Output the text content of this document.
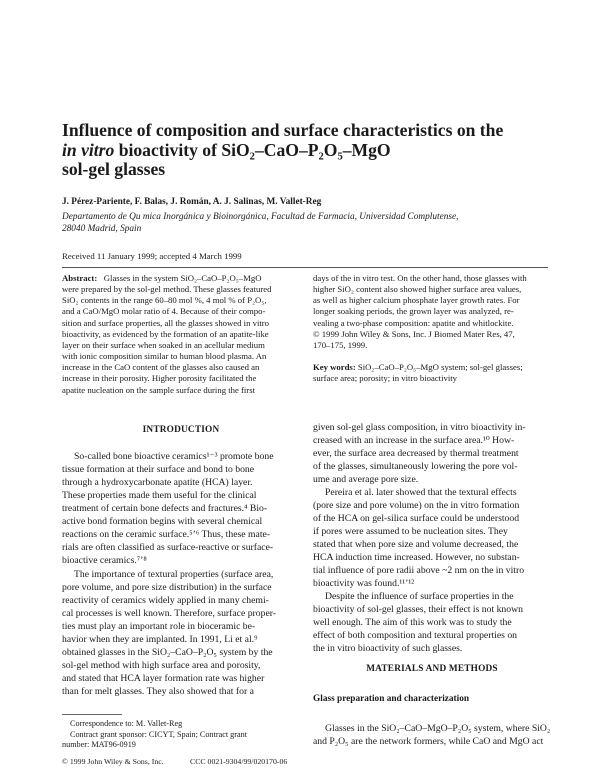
Influence of composition and surface characteristics on the
in vitro bioactivity of SiO₂–CaO–P₂O₅–MgO
sol-gel glasses
J. Pérez-Pariente, F. Balas, J. Román, A. J. Salinas, M. Vallet-Reg
Departamento de Qu mica Inorgánica y Bioinorgánica, Facultad de Farmacia, Universidad Complutense,
28040 Madrid, Spain
Received 11 January 1999; accepted 4 March 1999
Abstract: Glasses in the system SiO₂–CaO–P₂O₅–MgO
were prepared by the sol-gel method. These glasses featured
SiO₂ contents in the range 60–80 mol %, 4 mol % of P₂O₅,
and a CaO/MgO molar ratio of 4. Because of their compo-
sition and surface properties, all the glasses showed in vitro
bioactivity, as evidenced by the formation of an apatite-like
layer on their surface when soaked in an acellular medium
with ionic composition similar to human blood plasma. An
increase in the CaO content of the glasses also caused an
increase in their porosity. Higher porosity facilitated the
apatite nucleation on the sample surface during the first
days of the in vitro test. On the other hand, those glasses with
higher SiO₂ content also showed higher surface area values,
as well as higher calcium phosphate layer growth rates. For
longer soaking periods, the grown layer was analyzed, re-
vealing a two-phase composition: apatite and whitlockite.
© 1999 John Wiley & Sons, Inc. J Biomed Mater Res, 47,
170–175, 1999.
Key words: SiO₂–CaO–P₂O₅–MgO system; sol-gel glasses;
surface area; porosity; in vitro bioactivity
INTRODUCTION
So-called bone bioactive ceramics¹⁻³ promote bone
tissue formation at their surface and bond to bone
through a hydroxycarbonate apatite (HCA) layer.
These properties made them useful for the clinical
treatment of certain bone defects and fractures.⁴ Bio-
active bond formation begins with several chemical
reactions on the ceramic surface.⁵ʼ⁶ Thus, these mate-
rials are often classified as surface-reactive or surface-
bioactive ceramics.⁷ʼ⁸
The importance of textural properties (surface area,
pore volume, and pore size distribution) in the surface
reactivity of ceramics widely applied in many chemi-
cal processes is well known. Therefore, surface proper-
ties must play an important role in bioceramic be-
havior when they are implanted. In 1991, Li et al.⁹
obtained glasses in the SiO₂–CaO–P₂O₅ system by the
sol-gel method with high surface area and porosity,
and stated that HCA layer formation rate was higher
than for melt glasses. They also showed that for a
given sol-gel glass composition, in vitro bioactivity in-
creased with an increase in the surface area.¹⁰ How-
ever, the surface area decreased by thermal treatment
of the glasses, simultaneously lowering the pore vol-
ume and average pore size.
Pereira et al. later showed that the textural effects
(pore size and pore volume) on the in vitro formation
of the HCA on gel-silica surface could be understood
if pores were assumed to be nucleation sites. They
stated that when pore size and volume decreased, the
HCA induction time increased. However, no substan-
tial influence of pore radii above ~2 nm on the in vitro
bioactivity was found.¹¹ʼ¹²
Despite the influence of surface properties in the
bioactivity of sol-gel glasses, their effect is not known
well enough. The aim of this work was to study the
effect of both composition and textural properties on
the in vitro bioactivity of such glasses.
MATERIALS AND METHODS
Glass preparation and characterization
Glasses in the SiO₂–CaO–MgO–P₂O₅ system, where SiO₂
and P₂O₅ are the network formers, while CaO and MgO act
Correspondence to: M. Vallet-Reg
Contract grant sponsor: CICYT, Spain; Contract grant
number: MAT96-0919
© 1999 John Wiley & Sons, Inc.	CCC 0021-9304/99/020170-06
